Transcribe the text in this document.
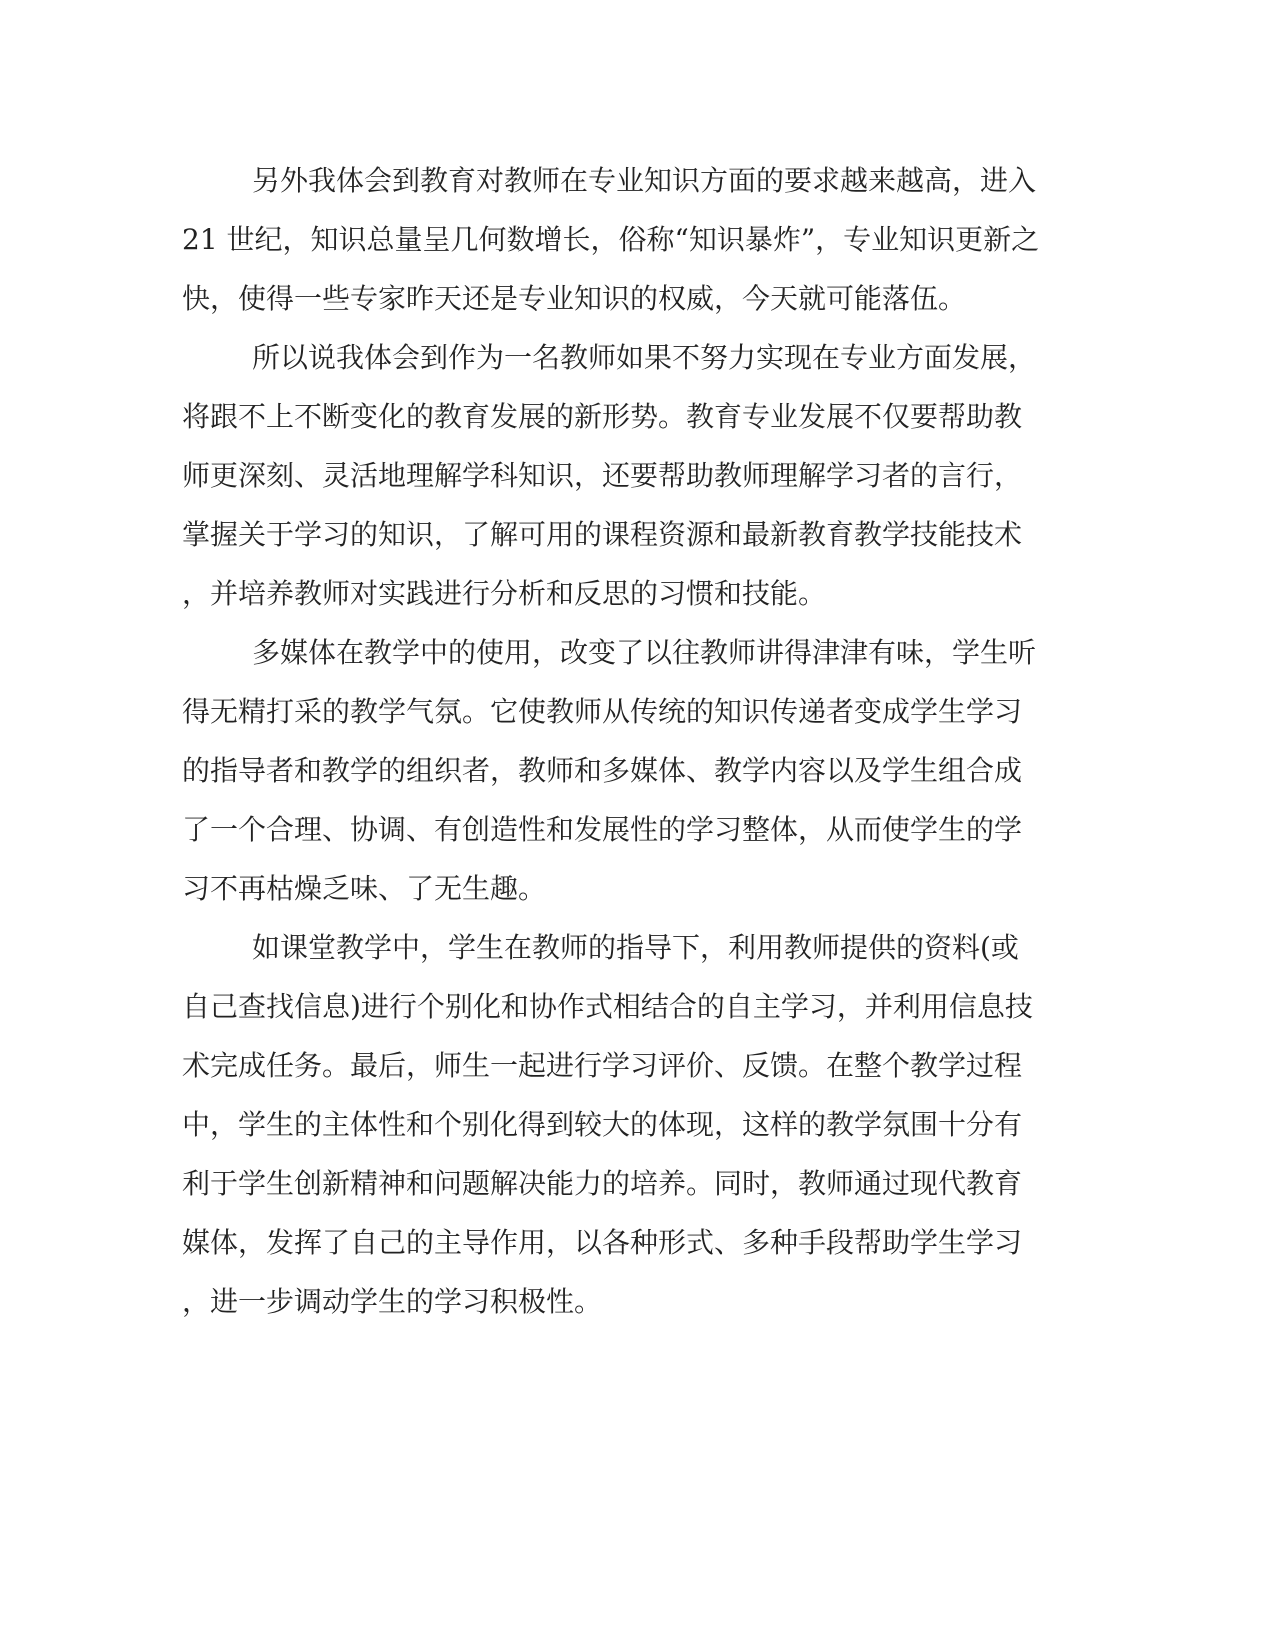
另外我体会到教育对教师在专业知识方面的要求越来越高，进入
21 世纪，知识总量呈几何数增长，俗称“知识暴炸”，专业知识更新之
快，使得一些专家昨天还是专业知识的权威，今天就可能落伍。
所以说我体会到作为一名教师如果不努力实现在专业方面发展，
将跟不上不断变化的教育发展的新形势。教育专业发展不仅要帮助教
师更深刻、灵活地理解学科知识，还要帮助教师理解学习者的言行，
掌握关于学习的知识，了解可用的课程资源和最新教育教学技能技术
，并培养教师对实践进行分析和反思的习惯和技能。
多媒体在教学中的使用，改变了以往教师讲得津津有味，学生听
得无精打采的教学气氛。它使教师从传统的知识传递者变成学生学习
的指导者和教学的组织者，教师和多媒体、教学内容以及学生组合成
了一个合理、协调、有创造性和发展性的学习整体，从而使学生的学
习不再枯燥乏味、了无生趣。
如课堂教学中，学生在教师的指导下，利用教师提供的资料(或
自己查找信息)进行个别化和协作式相结合的自主学习，并利用信息技
术完成任务。最后，师生一起进行学习评价、反馈。在整个教学过程
中，学生的主体性和个别化得到较大的体现，这样的教学氛围十分有
利于学生创新精神和问题解决能力的培养。同时，教师通过现代教育
媒体，发挥了自己的主导作用，以各种形式、多种手段帮助学生学习
，进一步调动学生的学习积极性。
